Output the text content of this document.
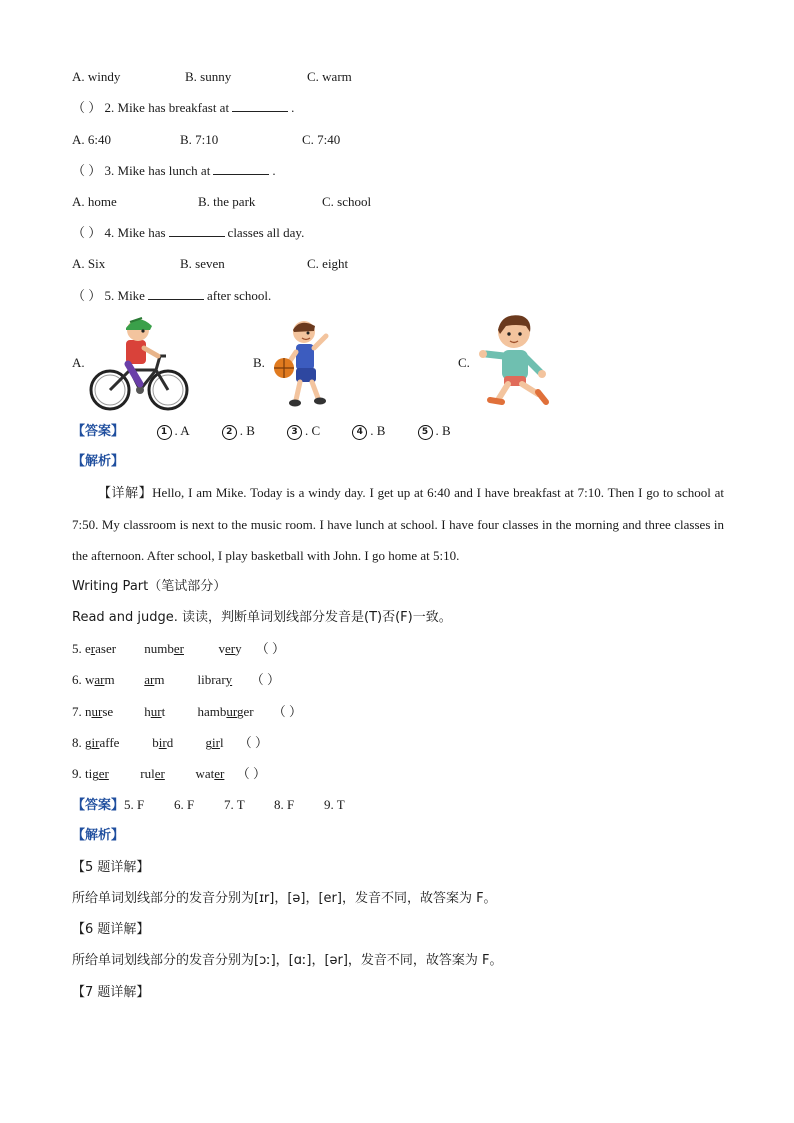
A. windy	B. sunny	C. warm
（ ） 2. Mike has breakfast at	.
A. 6:40	B. 7:10	C. 7:40
（ ） 3. Mike has lunch at	.
A. home	B. the park	C. school
（ ） 4. Mike has	classes all day.
A. Six	B. seven	C. eight
（ ） 5. Mike	after school.
A.	B.	C.
【答案】	1 . A	2 . B	3 . C	4 . B	5 . B
【解析】
【详解】Hello, I am Mike. Today is a windy day. I get up at 6:40 and I have breakfast at 7:10. Then I go to school at 7:50. My classroom is next to the music room. I have lunch at school. I have four classes in the morning and three classes in the afternoon. After school, I play basketball with John. I go home at 5:10.
Writing Part（笔试部分）
Read and judge. 读读，判断单词划线部分发音是(T)否(F)一致。
5. eraser number	very （ ）
6. warm arm	library （ ）
7. nurse hurt hamburger （ ）
8. giraffe	bird girl （ ）
9. tiger ruler water （ ）
【答案】5. F 6. F 7. T 8. F 9. T
【解析】
【5 题详解】
所给单词划线部分的发音分别为[ɪr]，[ə]，[er]，发音不同，故答案为 F。
【6 题详解】
所给单词划线部分的发音分别为[ɔː]，[ɑː]，[ər]，发音不同，故答案为 F。
【7 题详解】
